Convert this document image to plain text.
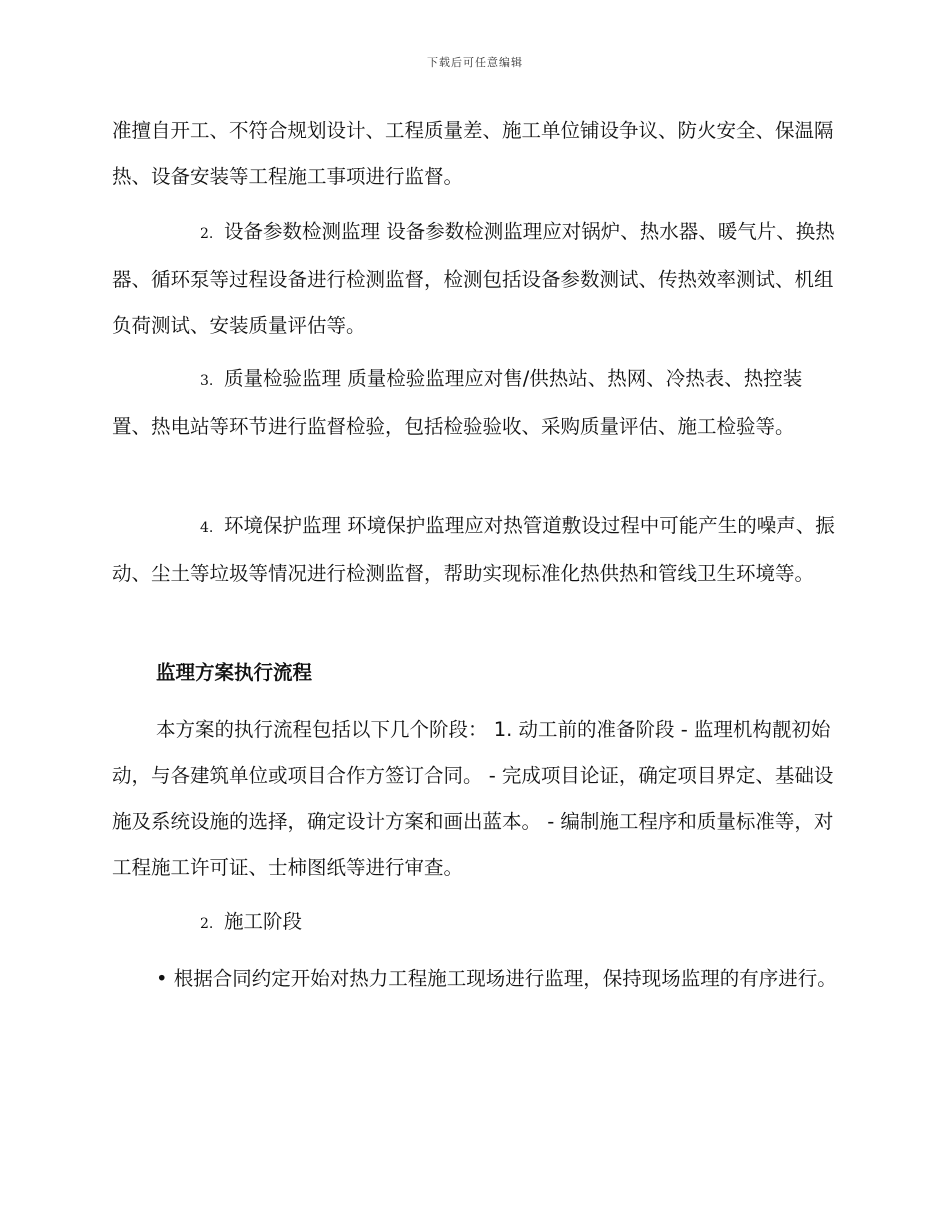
下载后可任意编辑

准擅自开工、不符合规划设计、工程质量差、施工单位铺设争议、防火安全、保温隔热、设备安装等工程施工事项进行监督。

2. 设备参数检测监理 设备参数检测监理应对锅炉、热水器、暖气片、换热器、循环泵等过程设备进行检测监督，检测包括设备参数测试、传热效率测试、机组负荷测试、安装质量评估等。

3. 质量检验监理 质量检验监理应对售/供热站、热网、冷热表、热控装置、热电站等环节进行监督检验，包括检验验收、采购质量评估、施工检验等。

4. 环境保护监理 环境保护监理应对热管道敷设过程中可能产生的噪声、振动、尘土等垃圾等情况进行检测监督，帮助实现标准化热供热和管线卫生环境等。

监理方案执行流程

本方案的执行流程包括以下几个阶段： 1. 动工前的准备阶段 - 监理机构靓初始动，与各建筑单位或项目合作方签订合同。 - 完成项目论证，确定项目界定、基础设施及系统设施的选择，确定设计方案和画出蓝本。 - 编制施工程序和质量标准等，对工程施工许可证、士柿图纸等进行审查。

2. 施工阶段

• 根据合同约定开始对热力工程施工现场进行监理，保持现场监理的有序进行。
